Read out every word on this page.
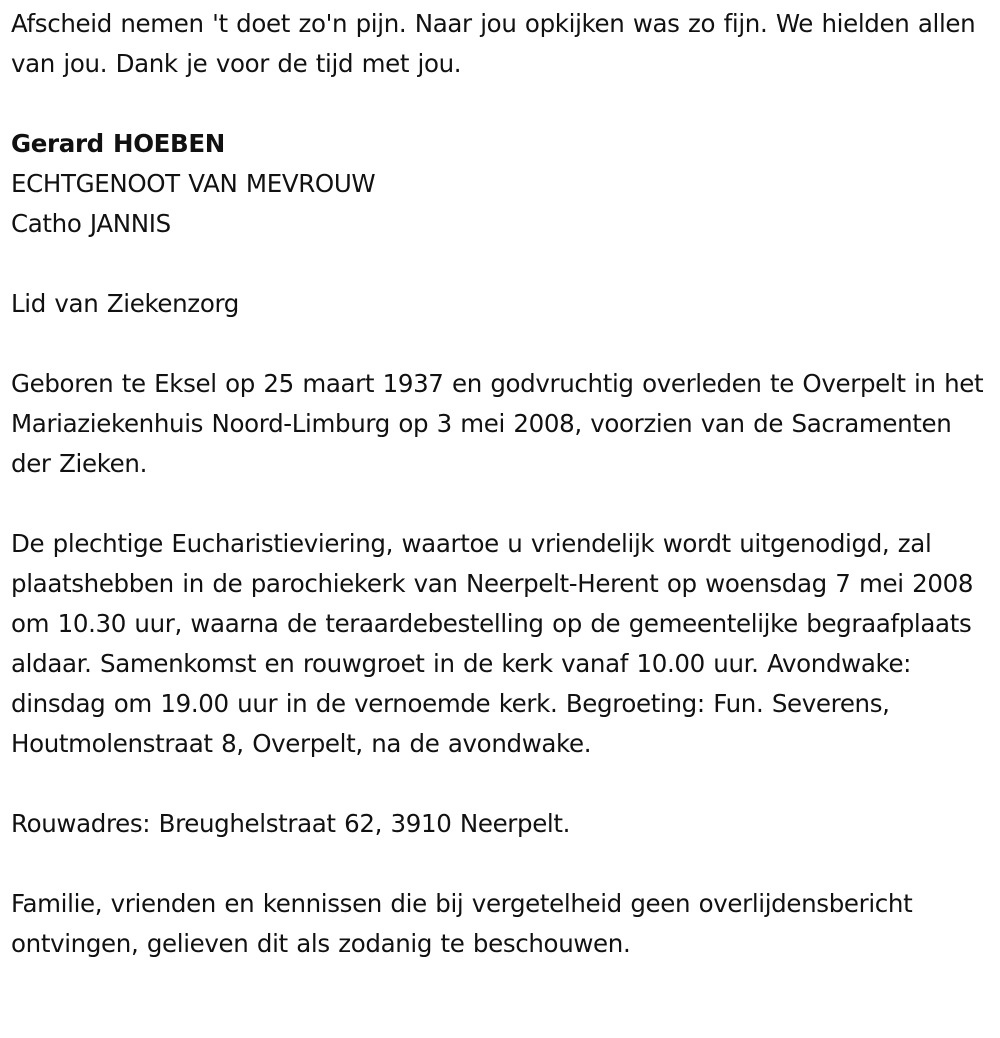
Afscheid nemen 't doet zo'n pijn. Naar jou opkijken was zo fijn. We hielden allen van jou. Dank je voor de tijd met jou.

Gerard HOEBEN

ECHTGENOOT VAN MEVROUW

Catho JANNIS

Lid van Ziekenzorg

Geboren te Eksel op 25 maart 1937 en godvruchtig overleden te Overpelt in het Mariaziekenhuis Noord-Limburg op 3 mei 2008, voorzien van de Sacramenten der Zieken.

De plechtige Eucharistieviering, waartoe u vriendelijk wordt uitgenodigd, zal plaatshebben in de parochiekerk van Neerpelt-Herent op woensdag 7 mei 2008 om 10.30 uur, waarna de teraardebestelling op de gemeentelijke begraafplaats aldaar. Samenkomst en rouwgroet in de kerk vanaf 10.00 uur. Avondwake: dinsdag om 19.00 uur in de vernoemde kerk. Begroeting: Fun. Severens, Houtmolenstraat 8, Overpelt, na de avondwake.

Rouwadres: Breughelstraat 62, 3910 Neerpelt.

Familie, vrienden en kennissen die bij vergetelheid geen overlijdensbericht ontvingen, gelieven dit als zodanig te beschouwen.
